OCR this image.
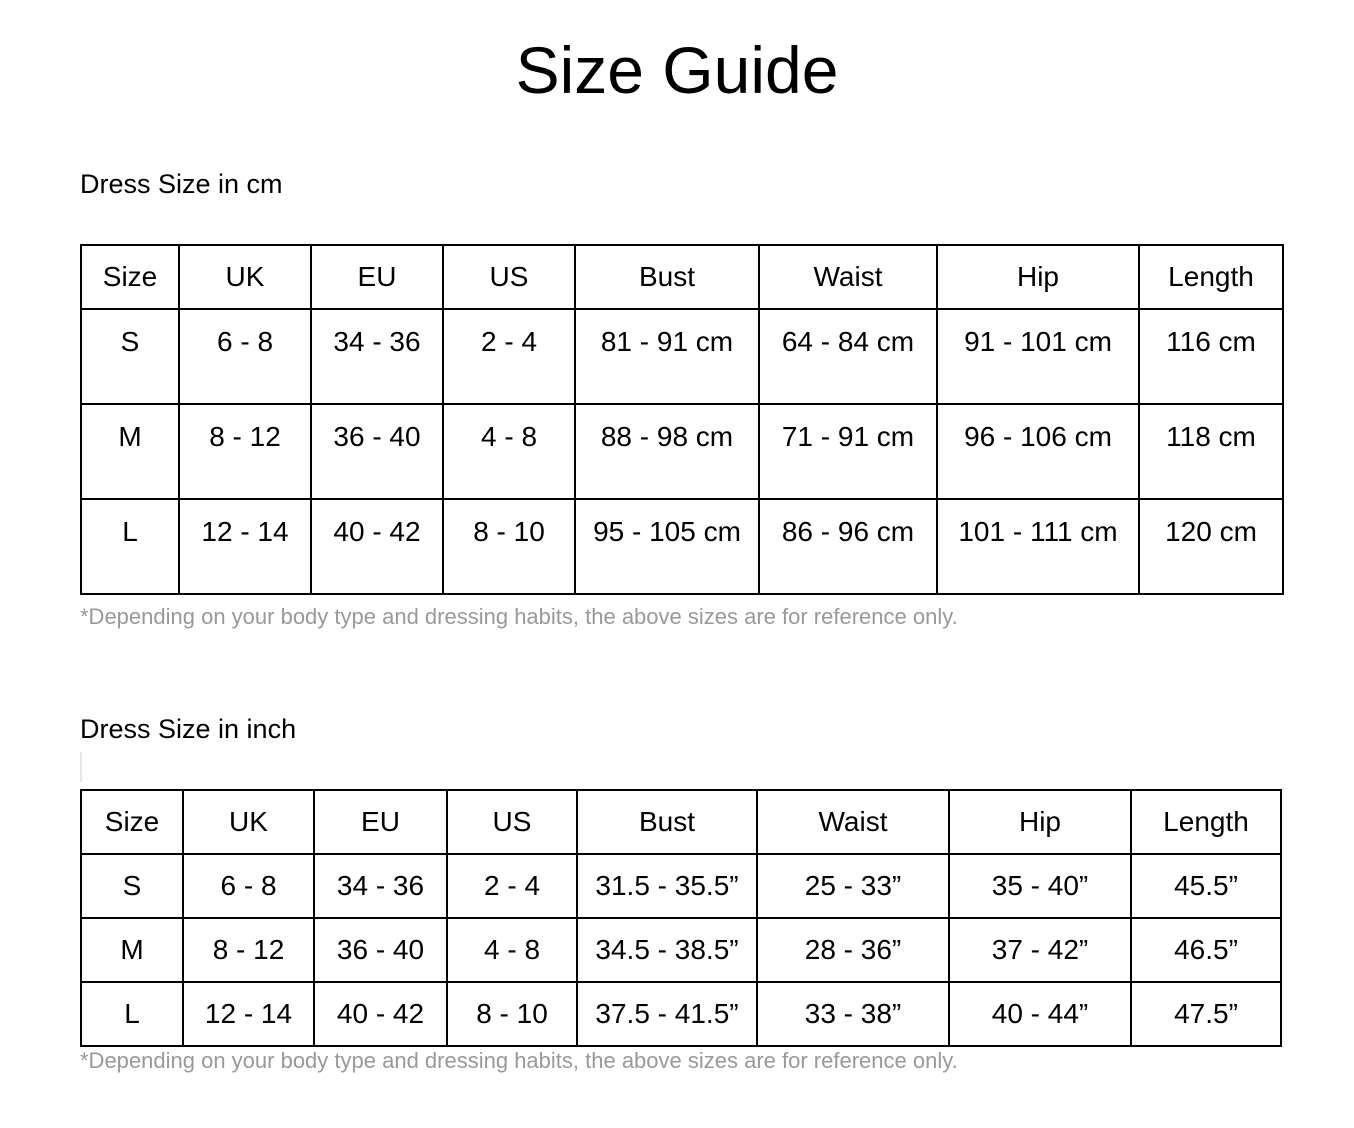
Size Guide
Dress Size in cm
Size	UK	EU	US	Bust	Waist	Hip	Length
S	6 - 8	34 - 36	2 - 4	81 - 91 cm	64 - 84 cm	91 - 101 cm	116 cm
M	8 - 12	36 - 40	4 - 8	88 - 98 cm	71 - 91 cm	96 - 106 cm	118 cm
L	12 - 14	40 - 42	8 - 10	95 - 105 cm	86 - 96 cm	101 - 111 cm	120 cm

*Depending on your body type and dressing habits, the above sizes are for reference only.

Dress Size in inch
Size	UK	EU	US	Bust	Waist	Hip	Length
S	6 - 8	34 - 36	2 - 4	31.5 - 35.5”	25 - 33”	35 - 40”	45.5”
M	8 - 12	36 - 40	4 - 8	34.5 - 38.5”	28 - 36”	37 - 42”	46.5”
L	12 - 14	40 - 42	8 - 10	37.5 - 41.5”	33 - 38”	40 - 44”	47.5”

*Depending on your body type and dressing habits, the above sizes are for reference only.
